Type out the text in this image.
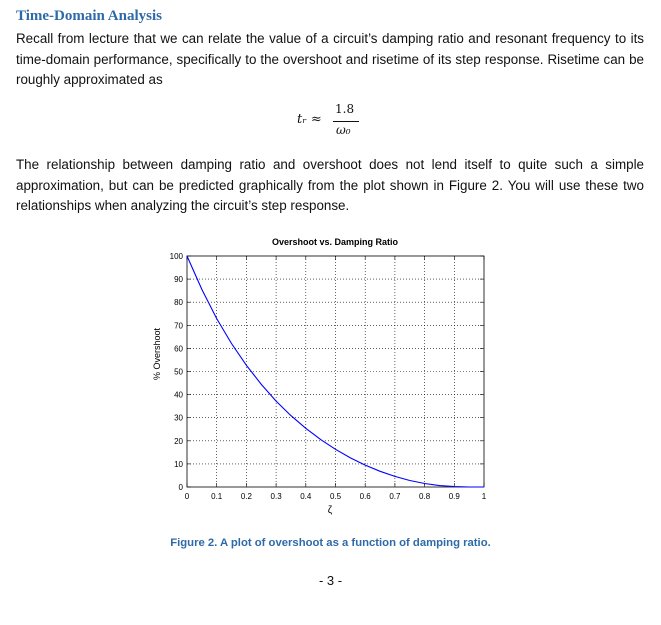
Time-Domain Analysis
Recall from lecture that we can relate the value of a circuit’s damping ratio and resonant frequency to its time-domain performance, specifically to the overshoot and risetime of its step response. Risetime can be roughly approximated as
tᵣ ≈
1.8
ω₀
The relationship between damping ratio and overshoot does not lend itself to quite such a simple approximation, but can be predicted graphically from the plot shown in Figure 2. You will use these two relationships when analyzing the circuit’s step response.
Overshoot vs. Damping Ratio
% Overshoot
ζ
0	0.1 0.2 0.3 0.4 0.5 0.6 0.7 0.8 0.9	1
0
10
20
30
40
50
60
70
80
90
100
Figure 2. A plot of overshoot as a function of damping ratio.
- 3 -
